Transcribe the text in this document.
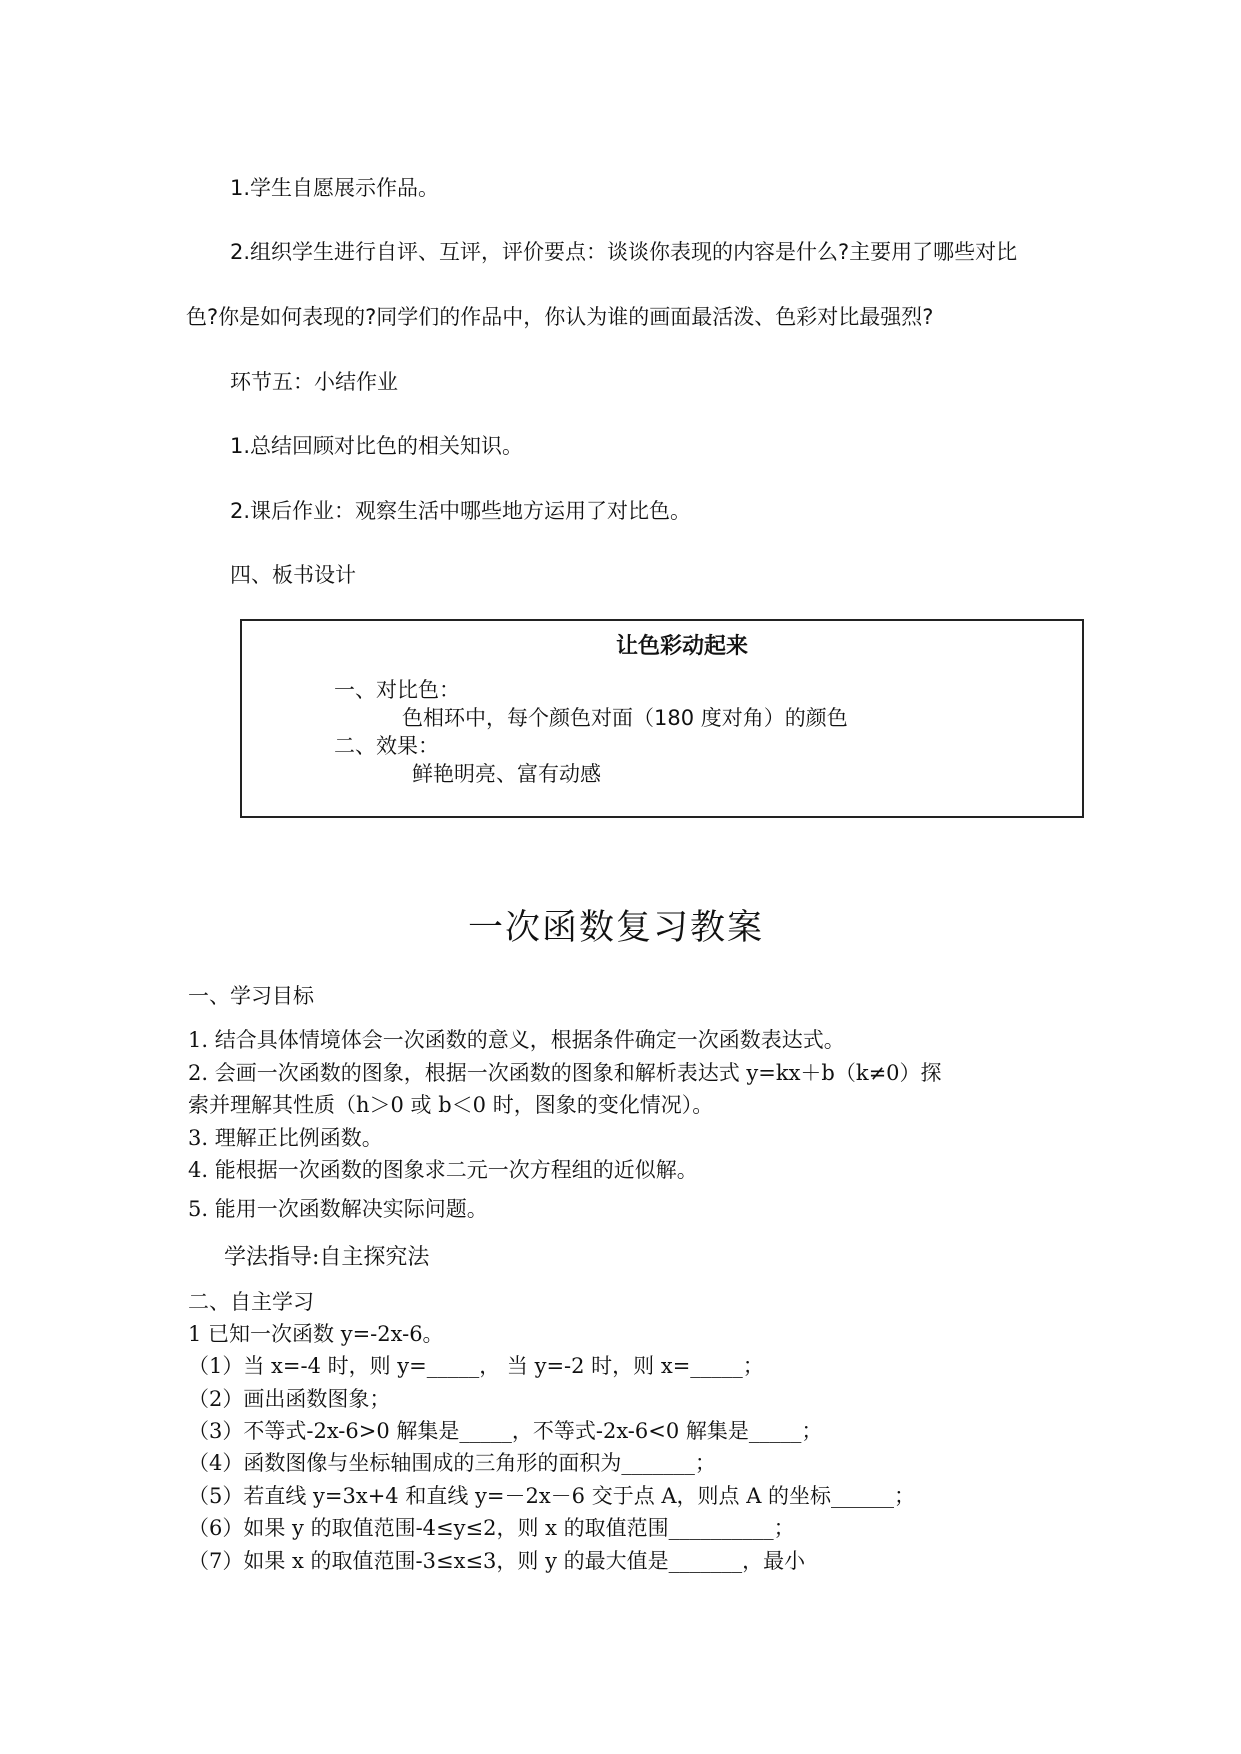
1.学生自愿展示作品。
2.组织学生进行自评、互评，评价要点：谈谈你表现的内容是什么?主要用了哪些对比
色?你是如何表现的?同学们的作品中，你认为谁的画面最活泼、色彩对比最强烈?
环节五：小结作业
1.总结回顾对比色的相关知识。
2.课后作业：观察生活中哪些地方运用了对比色。
四、板书设计
让色彩动起来
一、对比色：
色相环中，每个颜色对面（180 度对角）的颜色
二、效果：
鲜艳明亮、富有动感
一次函数复习教案
一、学习目标
1. 结合具体情境体会一次函数的意义，根据条件确定一次函数表达式。
2. 会画一次函数的图象，根据一次函数的图象和解析表达式 y=kx＋b（k≠0）探
索并理解其性质（h＞0 或 b＜0 时，图象的变化情况）。
3. 理解正比例函数。
4. 能根据一次函数的图象求二元一次方程组的近似解。
5. 能用一次函数解决实际问题。
学法指导:自主探究法
二、自主学习
1 已知一次函数 y=-2x-6。
（1）当 x=-4 时，则 y=_____， 当 y=-2 时，则 x=_____；
（2）画出函数图象；
（3）不等式-2x-6>0 解集是_____，不等式-2x-6<0 解集是_____；
（4）函数图像与坐标轴围成的三角形的面积为_______；
（5）若直线 y=3x+4 和直线 y=－2x－6 交于点 A，则点 A 的坐标______；
（6）如果 y 的取值范围-4≤y≤2，则 x 的取值范围__________；
（7）如果 x 的取值范围-3≤x≤3，则 y 的最大值是_______，最小
